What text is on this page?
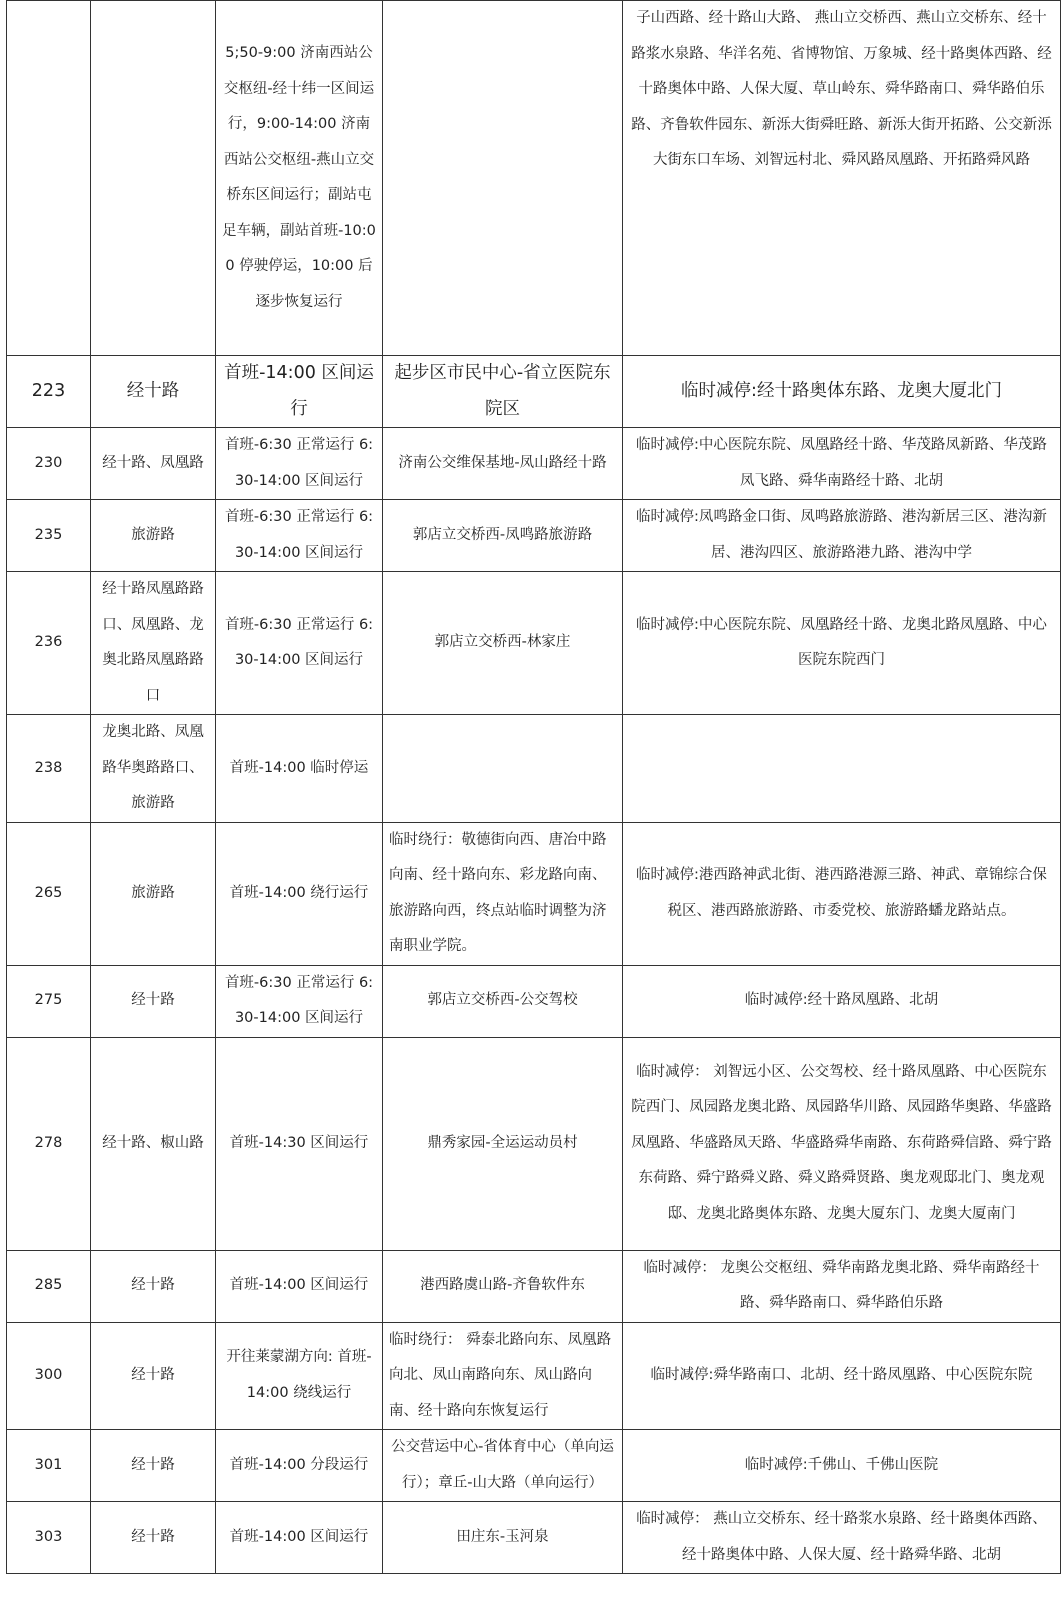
		5;50-9:00 济南西站公交枢纽-经十纬一区间运行，9:00-14:00 济南西站公交枢纽-燕山立交桥东区间运行；副站屯足车辆，副站首班-10:00 停驶停运，10:00 后逐步恢复运行		子山西路、经十路山大路、 燕山立交桥西、燕山立交桥东、经十路浆水泉路、华洋名苑、省博物馆、万象城、经十路奥体西路、经十路奥体中路、人保大厦、草山岭东、舜华路南口、舜华路伯乐路、齐鲁软件园东、新泺大街舜旺路、新泺大街开拓路、公交新泺大街东口车场、刘智远村北、舜风路凤凰路、开拓路舜风路
223	经十路	首班-14:00 区间运行	起步区市民中心-省立医院东院区	临时减停:经十路奥体东路、龙奥大厦北门
230	经十路、凤凰路	首班-6:30 正常运行 6:30-14:00 区间运行	济南公交维保基地-凤山路经十路	临时减停:中心医院东院、凤凰路经十路、华茂路凤新路、华茂路凤飞路、舜华南路经十路、北胡
235	旅游路	首班-6:30 正常运行 6:30-14:00 区间运行	郭店立交桥西-凤鸣路旅游路	临时减停:凤鸣路金口街、凤鸣路旅游路、港沟新居三区、港沟新居、港沟四区、旅游路港九路、港沟中学
236	经十路凤凰路路口、凤凰路、龙奥北路凤凰路路口	首班-6:30 正常运行 6:30-14:00 区间运行	郭店立交桥西-林家庄	临时减停:中心医院东院、凤凰路经十路、龙奥北路凤凰路、中心医院东院西门
238	龙奥北路、凤凰路华奥路路口、旅游路	首班-14:00 临时停运		
265	旅游路	首班-14:00 绕行运行	临时绕行：敬德街向西、唐冶中路向南、经十路向东、彩龙路向南、旅游路向西，终点站临时调整为济南职业学院。	临时减停:港西路神武北街、港西路港源三路、神武、章锦综合保税区、港西路旅游路、市委党校、旅游路蟠龙路站点。
275	经十路	首班-6:30 正常运行 6:30-14:00 区间运行	郭店立交桥西-公交驾校	临时减停:经十路凤凰路、北胡
278	经十路、椒山路	首班-14:30 区间运行	鼎秀家园-全运运动员村	临时减停： 刘智远小区、公交驾校、经十路凤凰路、中心医院东院西门、凤园路龙奥北路、凤园路华川路、凤园路华奥路、华盛路凤凰路、华盛路凤天路、华盛路舜华南路、东荷路舜信路、舜宁路东荷路、舜宁路舜义路、舜义路舜贤路、奥龙观邸北门、奥龙观邸、龙奥北路奥体东路、龙奥大厦东门、龙奥大厦南门
285	经十路	首班-14:00 区间运行	港西路虞山路-齐鲁软件东	临时减停： 龙奥公交枢纽、舜华南路龙奥北路、舜华南路经十路、舜华路南口、舜华路伯乐路
300	经十路	开往莱蒙湖方向: 首班-14:00 绕线运行	临时绕行： 舜泰北路向东、凤凰路向北、凤山南路向东、凤山路向南、经十路向东恢复运行	临时减停:舜华路南口、北胡、经十路凤凰路、中心医院东院
301	经十路	首班-14:00 分段运行	公交营运中心-省体育中心（单向运行）；章丘-山大路（单向运行）	临时减停:千佛山、千佛山医院
303	经十路	首班-14:00 区间运行	田庄东-玉河泉	临时减停： 燕山立交桥东、经十路浆水泉路、经十路奥体西路、经十路奥体中路、人保大厦、经十路舜华路、北胡
